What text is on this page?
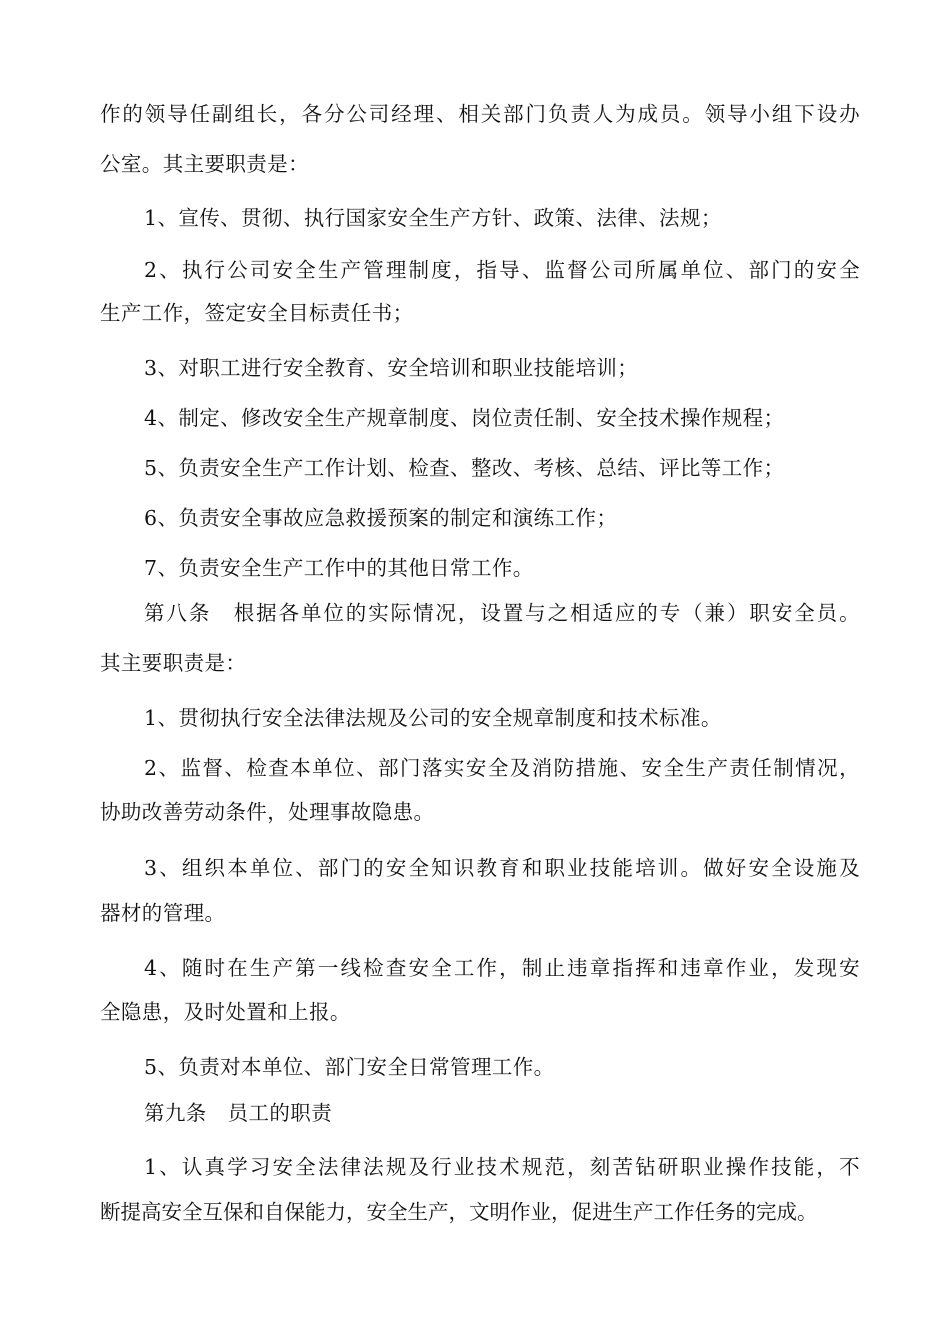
作的领导任副组长，各分公司经理、相关部门负责人为成员。领导小组下设办
公室。其主要职责是：
1、宣传、贯彻、执行国家安全生产方针、政策、法律、法规；
2、执行公司安全生产管理制度，指导、监督公司所属单位、部门的安全
生产工作，签定安全目标责任书；
3、对职工进行安全教育、安全培训和职业技能培训；
4、制定、修改安全生产规章制度、岗位责任制、安全技术操作规程；
5、负责安全生产工作计划、检查、整改、考核、总结、评比等工作；
6、负责安全事故应急救援预案的制定和演练工作；
7、负责安全生产工作中的其他日常工作。
第八条　根据各单位的实际情况，设置与之相适应的专（兼）职安全员。
其主要职责是：
1、贯彻执行安全法律法规及公司的安全规章制度和技术标准。
2、监督、检查本单位、部门落实安全及消防措施、安全生产责任制情况，
协助改善劳动条件，处理事故隐患。
3、组织本单位、部门的安全知识教育和职业技能培训。做好安全设施及
器材的管理。
4、随时在生产第一线检查安全工作，制止违章指挥和违章作业，发现安
全隐患，及时处置和上报。
5、负责对本单位、部门安全日常管理工作。
第九条　员工的职责
1、认真学习安全法律法规及行业技术规范，刻苦钻研职业操作技能，不
断提高安全互保和自保能力，安全生产，文明作业，促进生产工作任务的完成。
